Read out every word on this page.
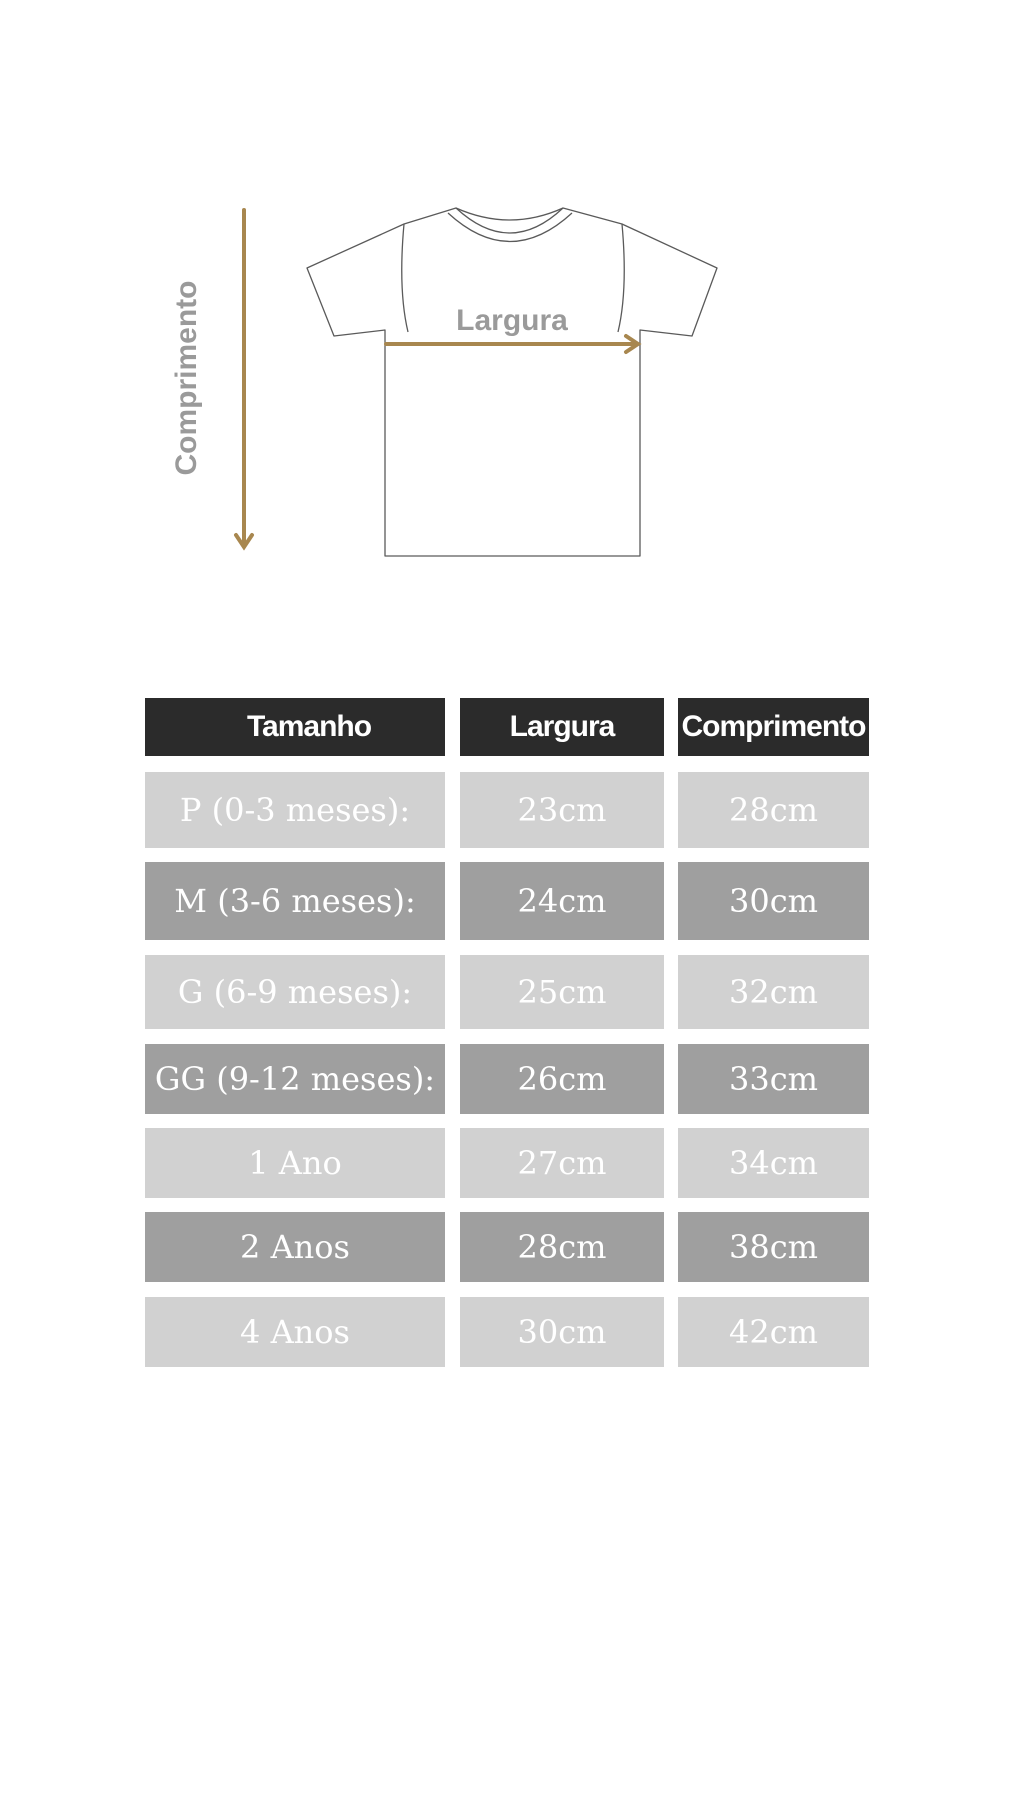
Comprimento	Largura
Tamanho	Largura	Comprimento
P (0-3 meses):	23cm	28cm
M (3-6 meses):	24cm	30cm
G (6-9 meses):	25cm	32cm
GG (9-12 meses):	26cm	33cm
1 Ano	27cm	34cm
2 Anos	28cm	38cm
4 Anos	30cm	42cm
